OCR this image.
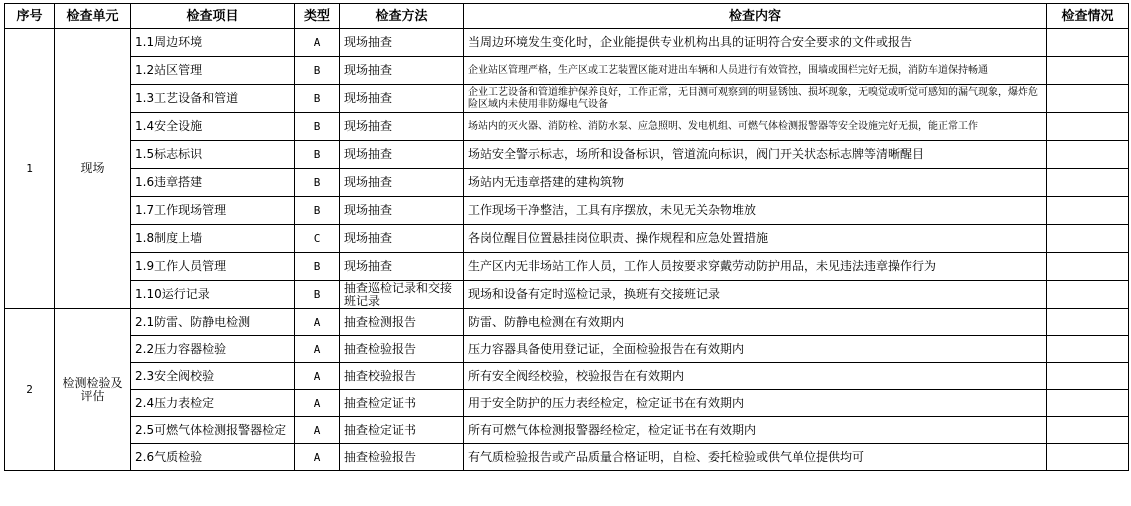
序号	检查单元	检查项目	类型	检查方法	检查内容	检查情况
1	现场	1.1周边环境	A	现场抽查	当周边环境发生变化时，企业能提供专业机构出具的证明符合安全要求的文件或报告	
		1.2站区管理	B	现场抽查	企业站区管理严格，生产区或工艺装置区能对进出车辆和人员进行有效管控，围墙或围栏完好无损，消防车道保持畅通	
		1.3工艺设备和管道	B	现场抽查	企业工艺设备和管道维护保养良好，工作正常，无目测可观察到的明显锈蚀、损坏现象，无嗅觉或听觉可感知的漏气现象，爆炸危险区域内未使用非防爆电气设备	
		1.4安全设施	B	现场抽查	场站内的灭火器、消防栓、消防水泵、应急照明、发电机组、可燃气体检测报警器等安全设施完好无损，能正常工作	
		1.5标志标识	B	现场抽查	场站安全警示标志，场所和设备标识，管道流向标识，阀门开关状态标志牌等清晰醒目	
		1.6违章搭建	B	现场抽查	场站内无违章搭建的建构筑物	
		1.7工作现场管理	B	现场抽查	工作现场干净整洁，工具有序摆放，未见无关杂物堆放	
		1.8制度上墙	C	现场抽查	各岗位醒目位置悬挂岗位职责、操作规程和应急处置措施	
		1.9工作人员管理	B	现场抽查	生产区内无非场站工作人员，工作人员按要求穿戴劳动防护用品，未见违法违章操作行为	
		1.10运行记录	B	抽查巡检记录和交接班记录	现场和设备有定时巡检记录，换班有交接班记录	
2	检测检验及评估	2.1防雷、防静电检测	A	抽查检测报告	防雷、防静电检测在有效期内	
		2.2压力容器检验	A	抽查检验报告	压力容器具备使用登记证，全面检验报告在有效期内	
		2.3安全阀校验	A	抽查校验报告	所有安全阀经校验，校验报告在有效期内	
		2.4压力表检定	A	抽查检定证书	用于安全防护的压力表经检定，检定证书在有效期内	
		2.5可燃气体检测报警器检定	A	抽查检定证书	所有可燃气体检测报警器经检定，检定证书在有效期内	
		2.6气质检验	A	抽查检验报告	有气质检验报告或产品质量合格证明，自检、委托检验或供气单位提供均可	
